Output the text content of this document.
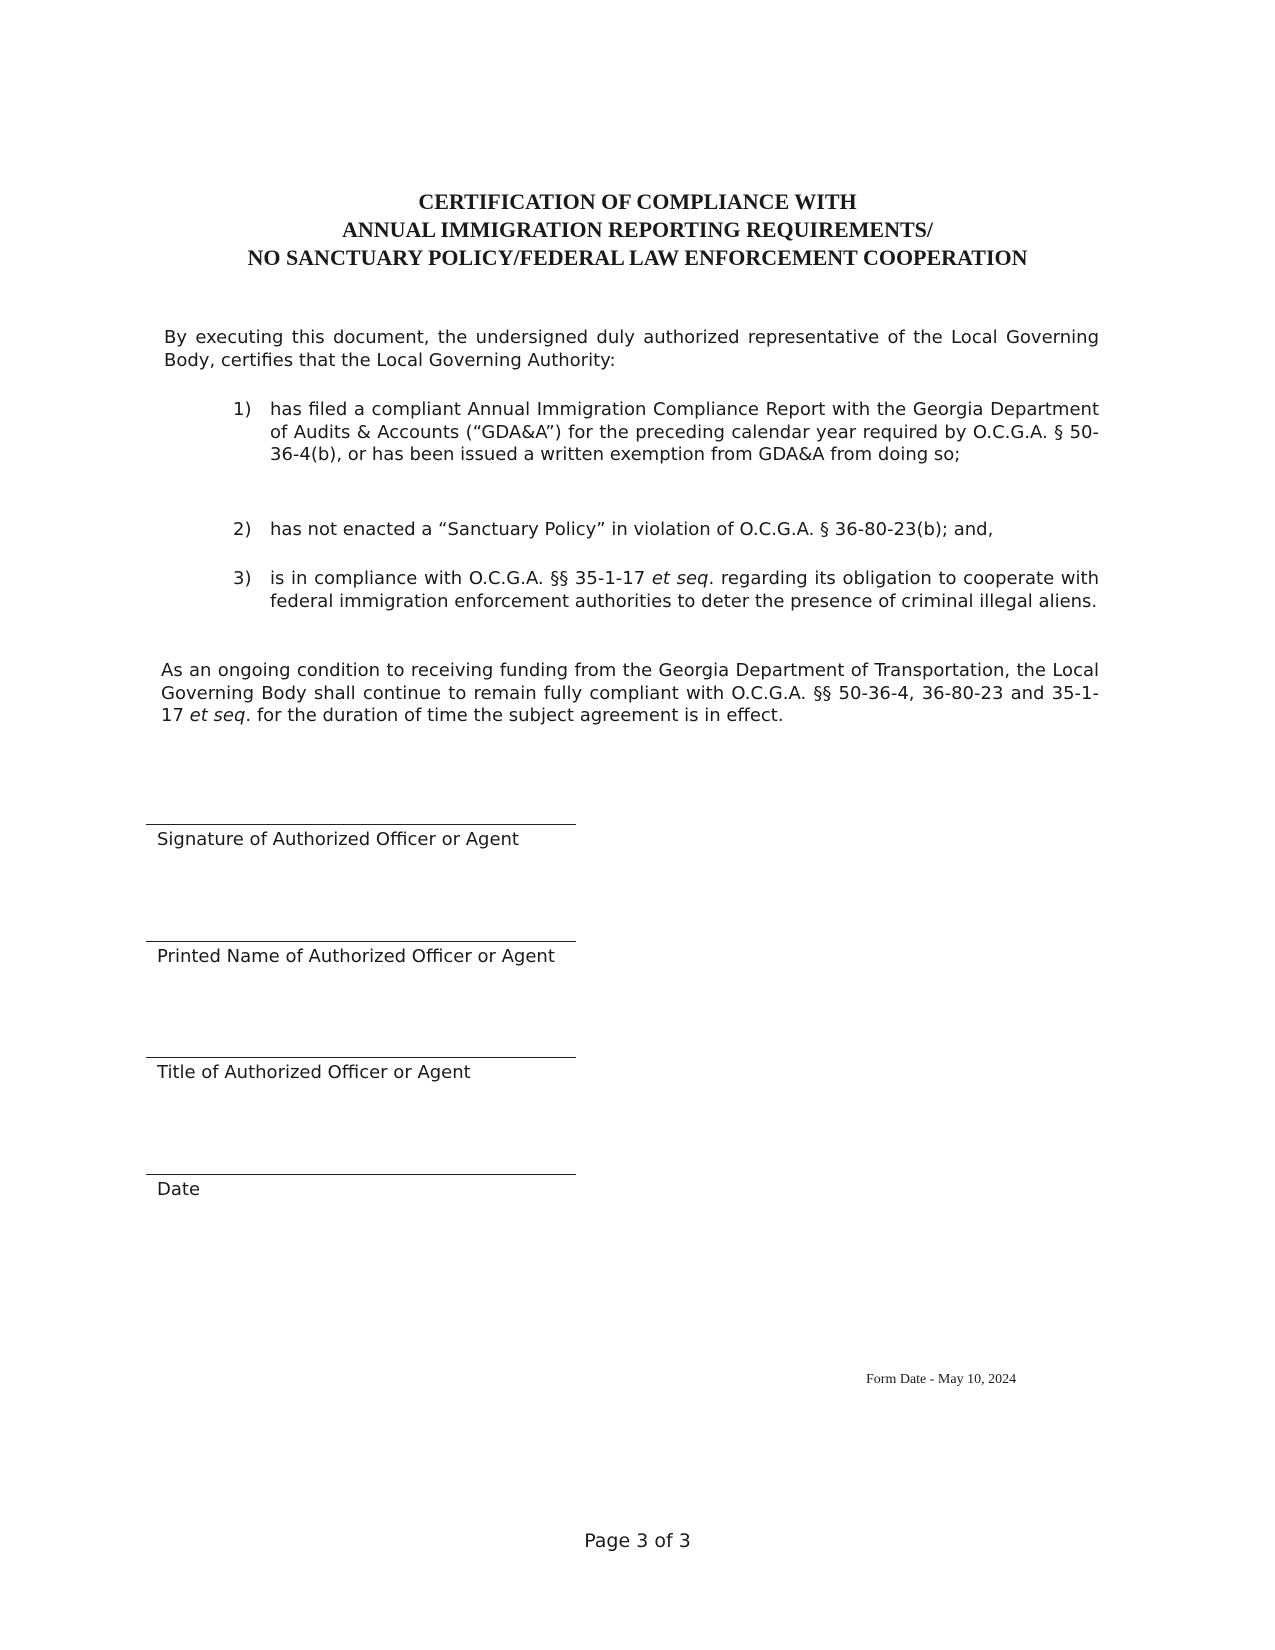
CERTIFICATION OF COMPLIANCE WITH
ANNUAL IMMIGRATION REPORTING REQUIREMENTS/
NO SANCTUARY POLICY/FEDERAL LAW ENFORCEMENT COOPERATION
By executing this document, the undersigned duly authorized representative of the Local Governing Body, certifies that the Local Governing Authority:
1) has filed a compliant Annual Immigration Compliance Report with the Georgia Department of Audits & Accounts (“GDA&A”) for the preceding calendar year required by O.C.G.A. § 50-36-4(b), or has been issued a written exemption from GDA&A from doing so;
2) has not enacted a “Sanctuary Policy” in violation of O.C.G.A. § 36-80-23(b); and,
3) is in compliance with O.C.G.A. §§ 35-1-17 et seq. regarding its obligation to cooperate with federal immigration enforcement authorities to deter the presence of criminal illegal aliens.
As an ongoing condition to receiving funding from the Georgia Department of Transportation, the Local Governing Body shall continue to remain fully compliant with O.C.G.A. §§ 50-36-4, 36-80-23 and 35-1-17 et seq. for the duration of time the subject agreement is in effect.
Signature of Authorized Officer or Agent
Printed Name of Authorized Officer or Agent
Title of Authorized Officer or Agent
Date
Form Date - May 10, 2024
Page 3 of 3
